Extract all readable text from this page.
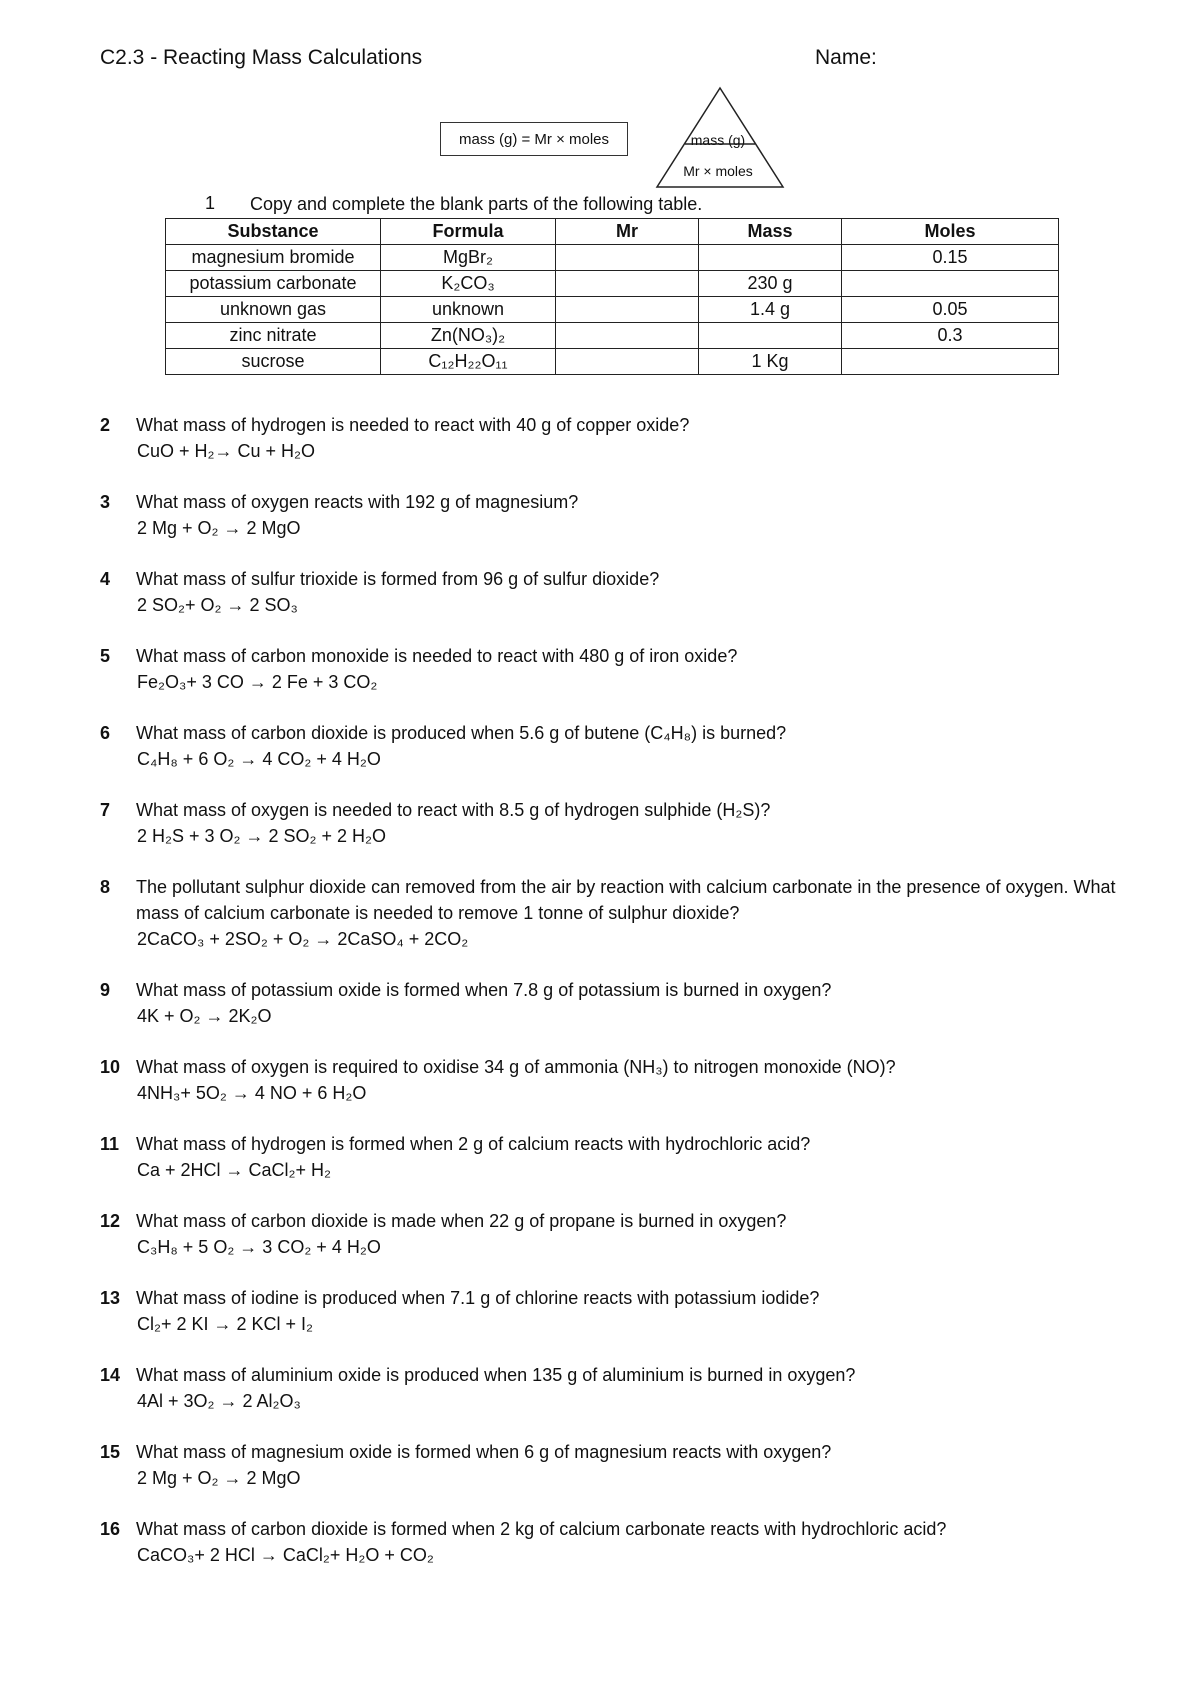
C2.3 - Reacting Mass Calculations	Name:
mass (g) = Mr × moles	mass (g)
Mr × moles
1 Copy and complete the blank parts of the following table.
Substance	Formula	Mr	Mass	Moles
magnesium bromide	MgBr₂			0.15
potassium carbonate	K₂CO₃		230 g	
unknown gas	unknown		1.4 g	0.05
zinc nitrate	Zn(NO₃)₂			0.3
sucrose	C₁₂H₂₂O₁₁		1 Kg	
2 What mass of hydrogen is needed to react with 40 g of copper oxide?
CuO + H₂→ Cu + H₂O
3 What mass of oxygen reacts with 192 g of magnesium?
2 Mg + O₂ → 2 MgO
4 What mass of sulfur trioxide is formed from 96 g of sulfur dioxide?
2 SO₂+ O₂ → 2 SO₃
5 What mass of carbon monoxide is needed to react with 480 g of iron oxide?
Fe₂O₃+ 3 CO → 2 Fe + 3 CO₂
6 What mass of carbon dioxide is produced when 5.6 g of butene (C₄H₈) is burned?
C₄H₈ + 6 O₂ → 4 CO₂ + 4 H₂O
7 What mass of oxygen is needed to react with 8.5 g of hydrogen sulphide (H₂S)?
2 H₂S + 3 O₂ → 2 SO₂ + 2 H₂O
8 The pollutant sulphur dioxide can removed from the air by reaction with calcium carbonate in the presence of oxygen. What mass of calcium carbonate is needed to remove 1 tonne of sulphur dioxide?
2CaCO₃ + 2SO₂ + O₂ → 2CaSO₄ + 2CO₂
9 What mass of potassium oxide is formed when 7.8 g of potassium is burned in oxygen?
4K + O₂ → 2K₂O
10 What mass of oxygen is required to oxidise 34 g of ammonia (NH₃) to nitrogen monoxide (NO)?
4NH₃+ 5O₂ → 4 NO + 6 H₂O
11 What mass of hydrogen is formed when 2 g of calcium reacts with hydrochloric acid?
Ca + 2HCl → CaCl₂+ H₂
12 What mass of carbon dioxide is made when 22 g of propane is burned in oxygen?
C₃H₈ + 5 O₂ → 3 CO₂ + 4 H₂O
13 What mass of iodine is produced when 7.1 g of chlorine reacts with potassium iodide?
Cl₂+ 2 KI → 2 KCl + I₂
14 What mass of aluminium oxide is produced when 135 g of aluminium is burned in oxygen?
4Al + 3O₂ → 2 Al₂O₃
15 What mass of magnesium oxide is formed when 6 g of magnesium reacts with oxygen?
2 Mg + O₂ → 2 MgO
16 What mass of carbon dioxide is formed when 2 kg of calcium carbonate reacts with hydrochloric acid?
CaCO₃+ 2 HCl → CaCl₂+ H₂O + CO₂
